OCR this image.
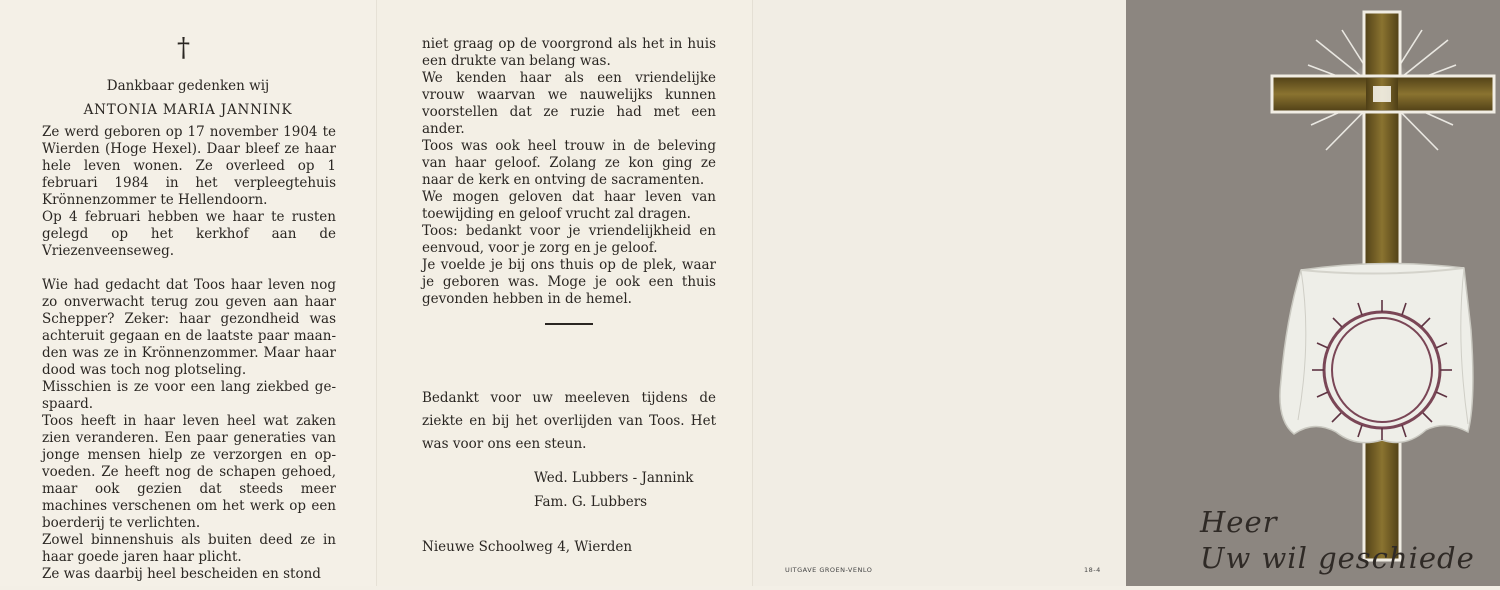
†
Dankbaar gedenken wij
ANTONIA MARIA JANNINK

Ze werd geboren op 17 november 1904 te Wierden (Hoge Hexel). Daar bleef ze haar hele leven wonen. Ze overleed op 1 februari 1984 in het verpleegtehuis Krönnenzommer te Hellendoorn.

Op 4 februari hebben we haar te rusten gelegd op het kerkhof aan de Vriezenveenseweg.

Wie had gedacht dat Toos haar leven nog zo onverwacht terug zou geven aan haar Schepper? Zeker: haar gezondheid was achteruit gegaan en de laatste paar maanden was ze in Krönnenzommer. Maar haar dood was toch nog plotseling.

Misschien is ze voor een lang ziekbed gespaard.

Toos heeft in haar leven heel wat zaken zien veranderen. Een paar generaties van jonge mensen hielp ze verzorgen en opvoeden. Ze heeft nog de schapen gehoed, maar ook gezien dat steeds meer machines verschenen om het werk op een boerderij te verlichten.

Zowel binnenshuis als buiten deed ze in haar goede jaren haar plicht.

Ze was daarbij heel bescheiden en stond

niet graag op de voorgrond als het in huis een drukte van belang was.

We kenden haar als een vriendelijke vrouw waarvan we nauwelijks kunnen voorstellen dat ze ruzie had met een ander.

Toos was ook heel trouw in de beleving van haar geloof. Zolang ze kon ging ze naar de kerk en ontving de sacramenten.

We mogen geloven dat haar leven van toewijding en geloof vrucht zal dragen.

Toos: bedankt voor je vriendelijkheid en eenvoud, voor je zorg en je geloof.

Je voelde je bij ons thuis op de plek, waar je geboren was. Moge je ook een thuis gevonden hebben in de hemel.

Bedankt voor uw meeleven tijdens de ziekte en bij het overlijden van Toos. Het was voor ons een steun.
Wed. Lubbers - Jannink
Fam. G. Lubbers
Nieuwe Schoolweg 4, Wierden
UITGAVE GROEN-VENLO	18-4
Heer
Uw wil geschiede
